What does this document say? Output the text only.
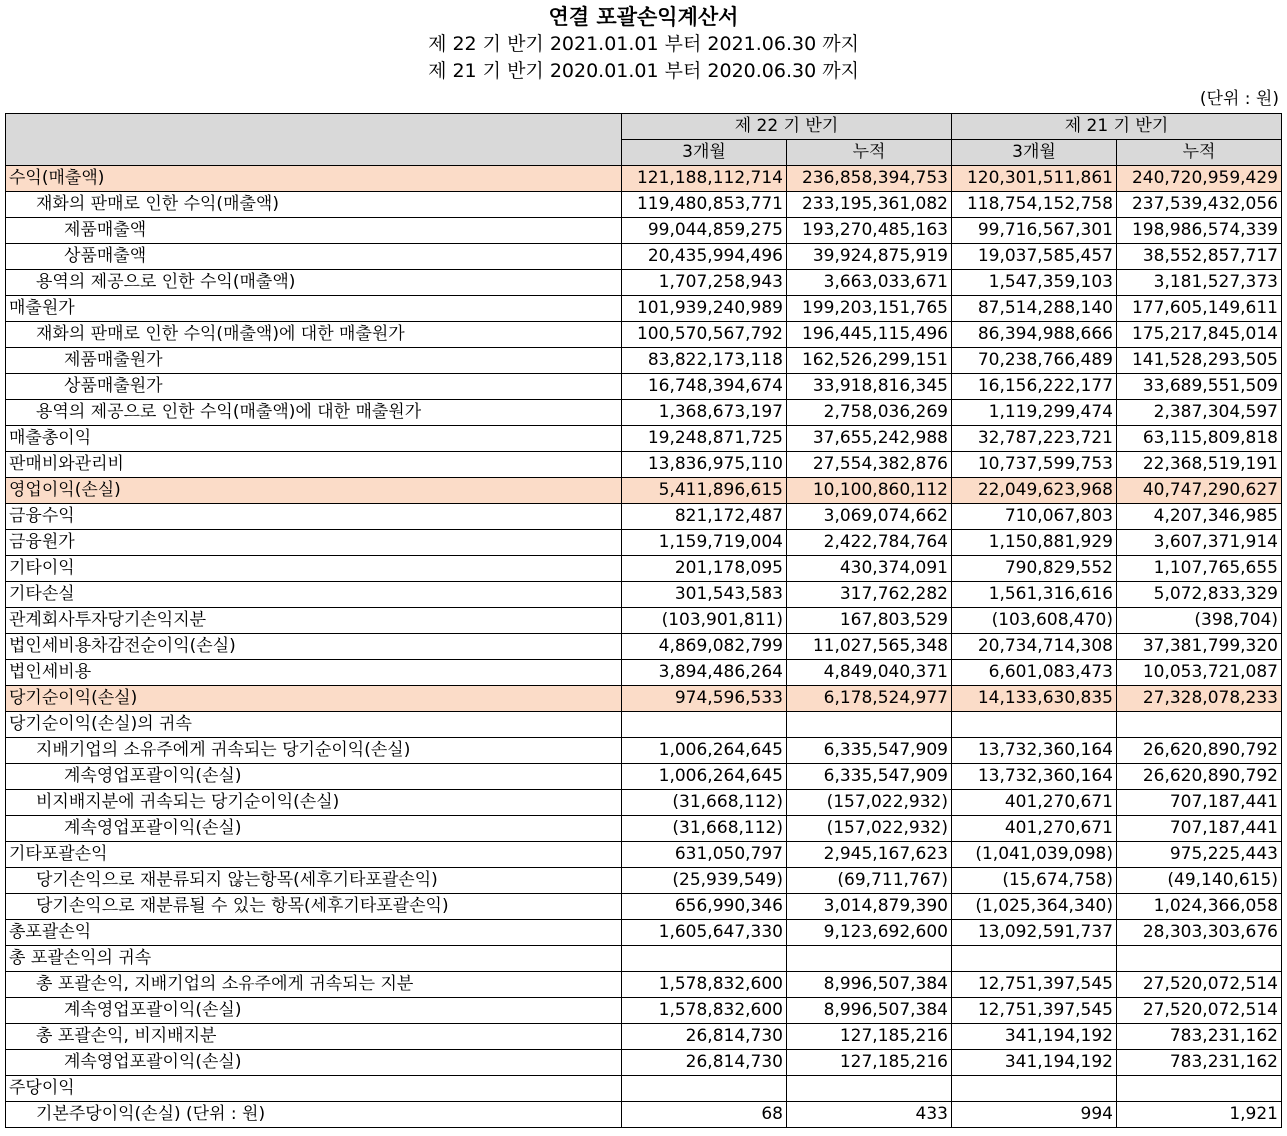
연결 포괄손익계산서
제 22 기 반기 2021.01.01 부터 2021.06.30 까지
제 21 기 반기 2020.01.01 부터 2020.06.30 까지
(단위 : 원)
	제 22 기 반기		제 21 기 반기	
	3개월	누적	3개월	누적
수익(매출액)	121,188,112,714	236,858,394,753	120,301,511,861	240,720,959,429
재화의 판매로 인한 수익(매출액)	119,480,853,771	233,195,361,082	118,754,152,758	237,539,432,056
제품매출액	99,044,859,275	193,270,485,163	99,716,567,301	198,986,574,339
상품매출액	20,435,994,496	39,924,875,919	19,037,585,457	38,552,857,717
용역의 제공으로 인한 수익(매출액)	1,707,258,943	3,663,033,671	1,547,359,103	3,181,527,373
매출원가	101,939,240,989	199,203,151,765	87,514,288,140	177,605,149,611
재화의 판매로 인한 수익(매출액)에 대한 매출원가	100,570,567,792	196,445,115,496	86,394,988,666	175,217,845,014
제품매출원가	83,822,173,118	162,526,299,151	70,238,766,489	141,528,293,505
상품매출원가	16,748,394,674	33,918,816,345	16,156,222,177	33,689,551,509
용역의 제공으로 인한 수익(매출액)에 대한 매출원가	1,368,673,197	2,758,036,269	1,119,299,474	2,387,304,597
매출총이익	19,248,871,725	37,655,242,988	32,787,223,721	63,115,809,818
판매비와관리비	13,836,975,110	27,554,382,876	10,737,599,753	22,368,519,191
영업이익(손실)	5,411,896,615	10,100,860,112	22,049,623,968	40,747,290,627
금융수익	821,172,487	3,069,074,662	710,067,803	4,207,346,985
금융원가	1,159,719,004	2,422,784,764	1,150,881,929	3,607,371,914
기타이익	201,178,095	430,374,091	790,829,552	1,107,765,655
기타손실	301,543,583	317,762,282	1,561,316,616	5,072,833,329
관계회사투자당기손익지분	(103,901,811)	167,803,529	(103,608,470)	(398,704)
법인세비용차감전순이익(손실)	4,869,082,799	11,027,565,348	20,734,714,308	37,381,799,320
법인세비용	3,894,486,264	4,849,040,371	6,601,083,473	10,053,721,087
당기순이익(손실)	974,596,533	6,178,524,977	14,133,630,835	27,328,078,233
당기순이익(손실)의 귀속				
지배기업의 소유주에게 귀속되는 당기순이익(손실)	1,006,264,645	6,335,547,909	13,732,360,164	26,620,890,792
계속영업포괄이익(손실)	1,006,264,645	6,335,547,909	13,732,360,164	26,620,890,792
비지배지분에 귀속되는 당기순이익(손실)	(31,668,112)	(157,022,932)	401,270,671	707,187,441
계속영업포괄이익(손실)	(31,668,112)	(157,022,932)	401,270,671	707,187,441
기타포괄손익	631,050,797	2,945,167,623	(1,041,039,098)	975,225,443
당기손익으로 재분류되지 않는항목(세후기타포괄손익)	(25,939,549)	(69,711,767)	(15,674,758)	(49,140,615)
당기손익으로 재분류될 수 있는 항목(세후기타포괄손익)	656,990,346	3,014,879,390	(1,025,364,340)	1,024,366,058
총포괄손익	1,605,647,330	9,123,692,600	13,092,591,737	28,303,303,676
총 포괄손익의 귀속				
총 포괄손익, 지배기업의 소유주에게 귀속되는 지분	1,578,832,600	8,996,507,384	12,751,397,545	27,520,072,514
계속영업포괄이익(손실)	1,578,832,600	8,996,507,384	12,751,397,545	27,520,072,514
총 포괄손익, 비지배지분	26,814,730	127,185,216	341,194,192	783,231,162
계속영업포괄이익(손실)	26,814,730	127,185,216	341,194,192	783,231,162
주당이익				
기본주당이익(손실) (단위 : 원)	68	433	994	1,921
